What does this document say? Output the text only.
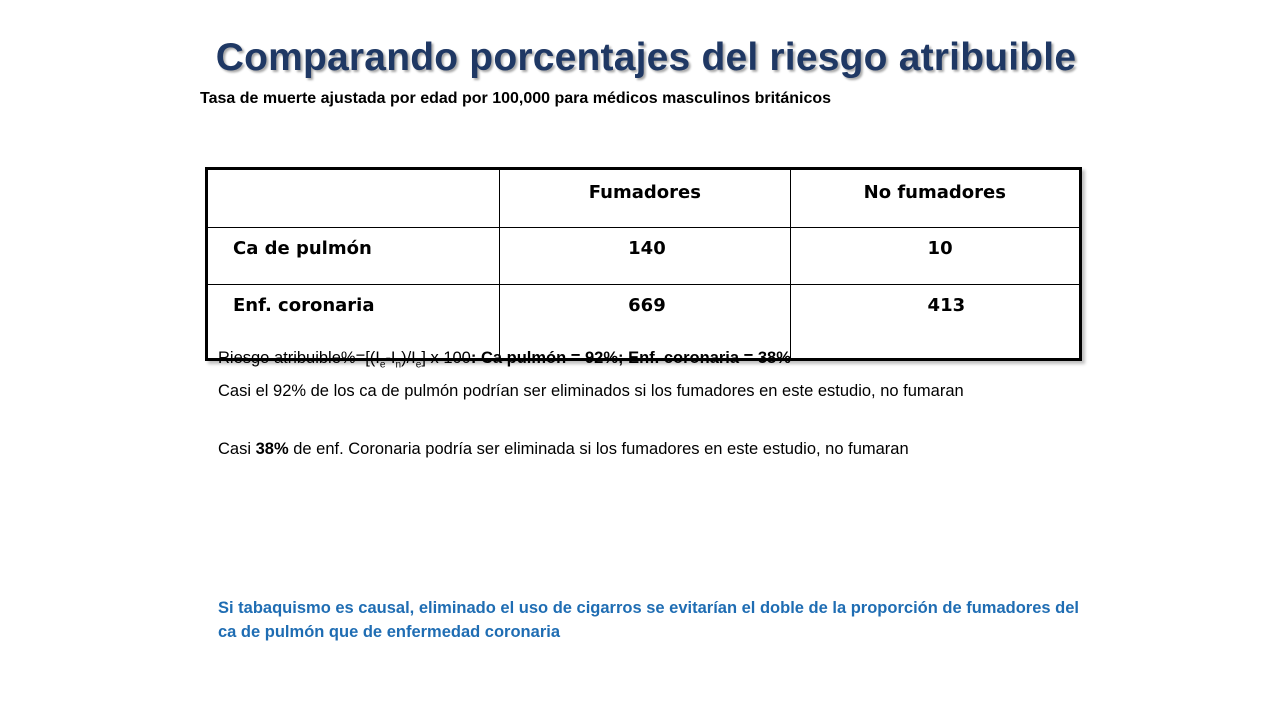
Comparando porcentajes del riesgo atribuible
Tasa de muerte ajustada por edad por 100,000 para médicos masculinos británicos
	Fumadores	No fumadores
Ca de pulmón	140	10
Enf. coronaria	669	413
Riesgo $atribuible\%=[(I_e-I_n)/I_e]$ x 100: Ca pulmón = 92%; Enf. coronaria = 38%
Casi el 92% de los ca de pulmón podrían ser eliminados si los fumadores en este estudio, no fumaran
Casi 38% de enf. Coronaria podría ser eliminada si los fumadores en este estudio, no fumaran
Si tabaquismo es causal, eliminado el uso de cigarros se evitarían el doble de la proporción de fumadores del ca de pulmón que de enfermedad coronaria
